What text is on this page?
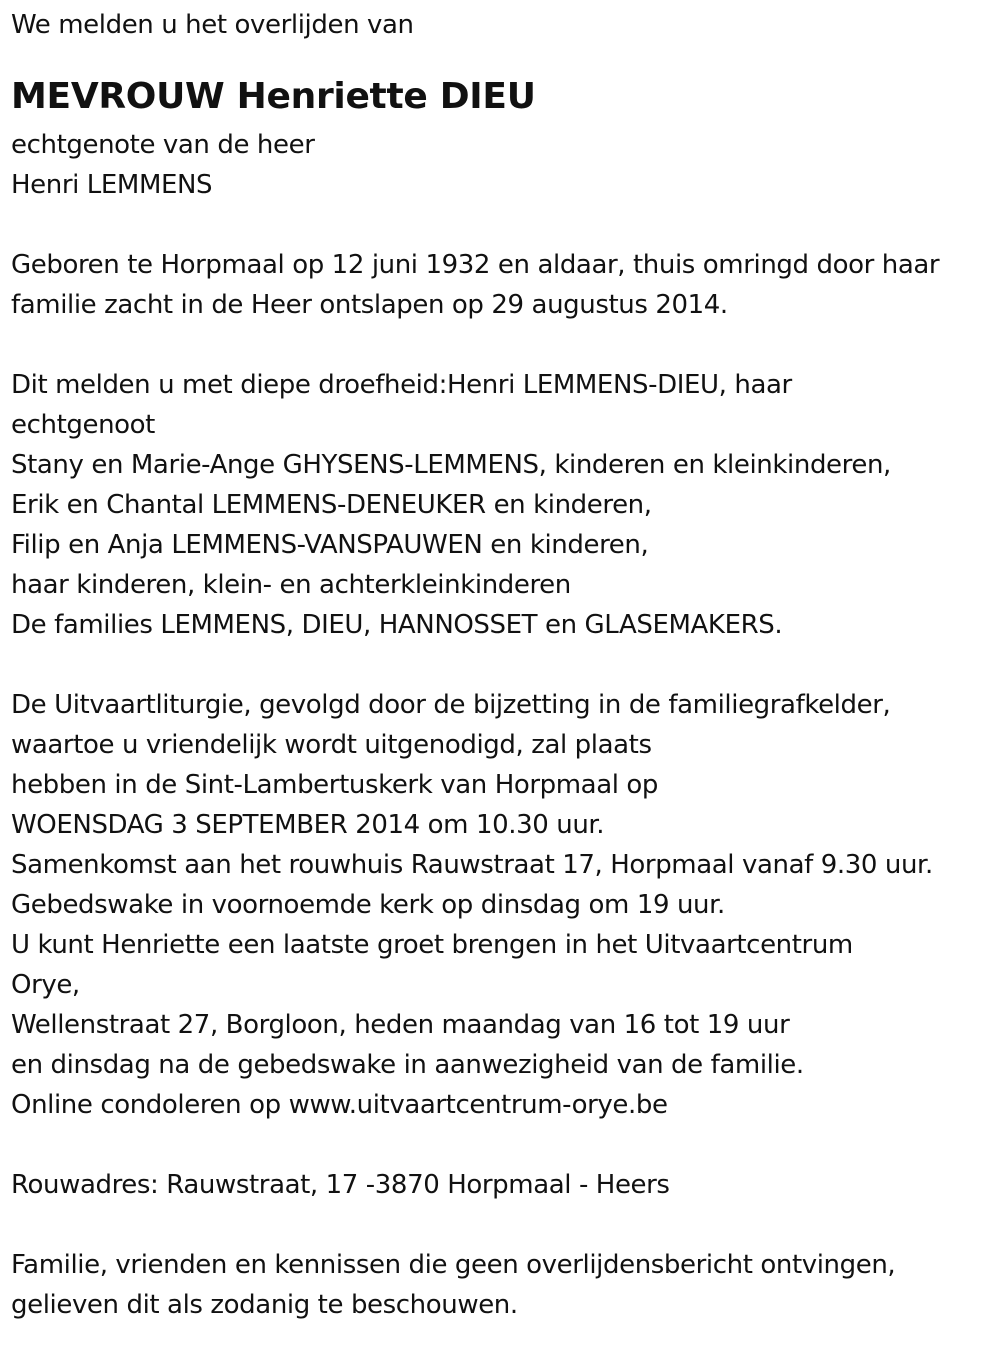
We melden u het overlijden van
MEVROUW Henriette DIEU
echtgenote van de heer
Henri LEMMENS
Geboren te Horpmaal op 12 juni 1932 en aldaar, thuis omringd door haar
familie zacht in de Heer ontslapen op 29 augustus 2014.
Dit melden u met diepe droefheid:Henri LEMMENS-DIEU, haar
echtgenoot
Stany en Marie-Ange GHYSENS-LEMMENS, kinderen en kleinkinderen,
Erik en Chantal LEMMENS-DENEUKER en kinderen,
Filip en Anja LEMMENS-VANSPAUWEN en kinderen,
haar kinderen, klein- en achterkleinkinderen
De families LEMMENS, DIEU, HANNOSSET en GLASEMAKERS.
De Uitvaartliturgie, gevolgd door de bijzetting in de familiegrafkelder,
waartoe u vriendelijk wordt uitgenodigd, zal plaats
hebben in de Sint-Lambertuskerk van Horpmaal op
WOENSDAG 3 SEPTEMBER 2014 om 10.30 uur.
Samenkomst aan het rouwhuis Rauwstraat 17, Horpmaal vanaf 9.30 uur.
Gebedswake in voornoemde kerk op dinsdag om 19 uur.
U kunt Henriette een laatste groet brengen in het Uitvaartcentrum
Orye,
Wellenstraat 27, Borgloon, heden maandag van 16 tot 19 uur
en dinsdag na de gebedswake in aanwezigheid van de familie.
Online condoleren op www.uitvaartcentrum-orye.be
Rouwadres: Rauwstraat, 17 -3870 Horpmaal - Heers
Familie, vrienden en kennissen die geen overlijdensbericht ontvingen,
gelieven dit als zodanig te beschouwen.
